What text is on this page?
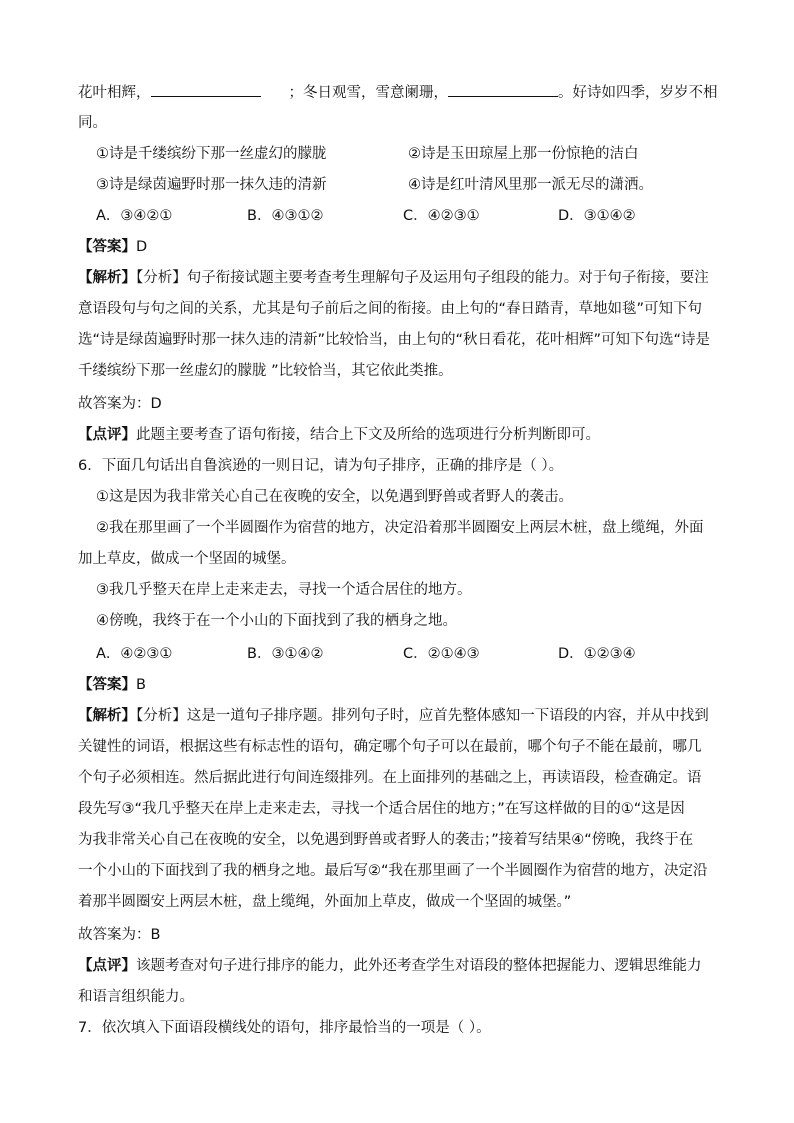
花叶相辉，	；冬日观雪，雪意阑珊，	。好诗如四季，岁岁不相
同。
①诗是千缕缤纷下那一丝虚幻的朦胧	②诗是玉田琼屋上那一份惊艳的洁白
③诗是绿茵遍野时那一抹久违的清新	④诗是红叶清风里那一派无尽的潇洒。
A．③④②①	B．④③①②	C．④②③①	D．③①④②
【答案】D
【解析】【分析】句子衔接试题主要考查考生理解句子及运用句子组段的能力。对于句子衔接，要注
意语段句与句之间的关系，尤其是句子前后之间的衔接。由上句的“春日踏青，草地如毯”可知下句
选“诗是绿茵遍野时那一抹久违的清新”比较恰当，由上句的“秋日看花，花叶相辉”可知下句选“诗是
千缕缤纷下那一丝虚幻的朦胧 ”比较恰当，其它依此类推。
故答案为：D
【点评】此题主要考查了语句衔接，结合上下文及所给的选项进行分析判断即可。
6．下面几句话出自鲁滨逊的一则日记，请为句子排序，正确的排序是（ ）。
①这是因为我非常关心自己在夜晚的安全，以免遇到野兽或者野人的袭击。
②我在那里画了一个半圆圈作为宿营的地方，决定沿着那半圆圈安上两层木桩，盘上缆绳，外面
加上草皮，做成一个坚固的城堡。
③我几乎整天在岸上走来走去，寻找一个适合居住的地方。
④傍晚，我终于在一个小山的下面找到了我的栖身之地。
A．④②③①	B．③①④②	C．②①④③	D．①②③④
【答案】B
【解析】【分析】这是一道句子排序题。排列句子时，应首先整体感知一下语段的内容，并从中找到
关键性的词语，根据这些有标志性的语句，确定哪个句子可以在最前，哪个句子不能在最前，哪几
个句子必须相连。然后据此进行句间连缀排列。在上面排列的基础之上，再读语段，检查确定。语
段先写③“我几乎整天在岸上走来走去，寻找一个适合居住的地方；”在写这样做的目的①“这是因
为我非常关心自己在夜晚的安全，以免遇到野兽或者野人的袭击；”接着写结果④“傍晚，我终于在
一个小山的下面找到了我的栖身之地。最后写②“我在那里画了一个半圆圈作为宿营的地方，决定沿
着那半圆圈安上两层木桩，盘上缆绳，外面加上草皮，做成一个坚固的城堡。”
故答案为：B
【点评】该题考查对句子进行排序的能力，此外还考查学生对语段的整体把握能力、逻辑思维能力
和语言组织能力。
7．依次填入下面语段横线处的语句，排序最恰当的一项是（ ）。
